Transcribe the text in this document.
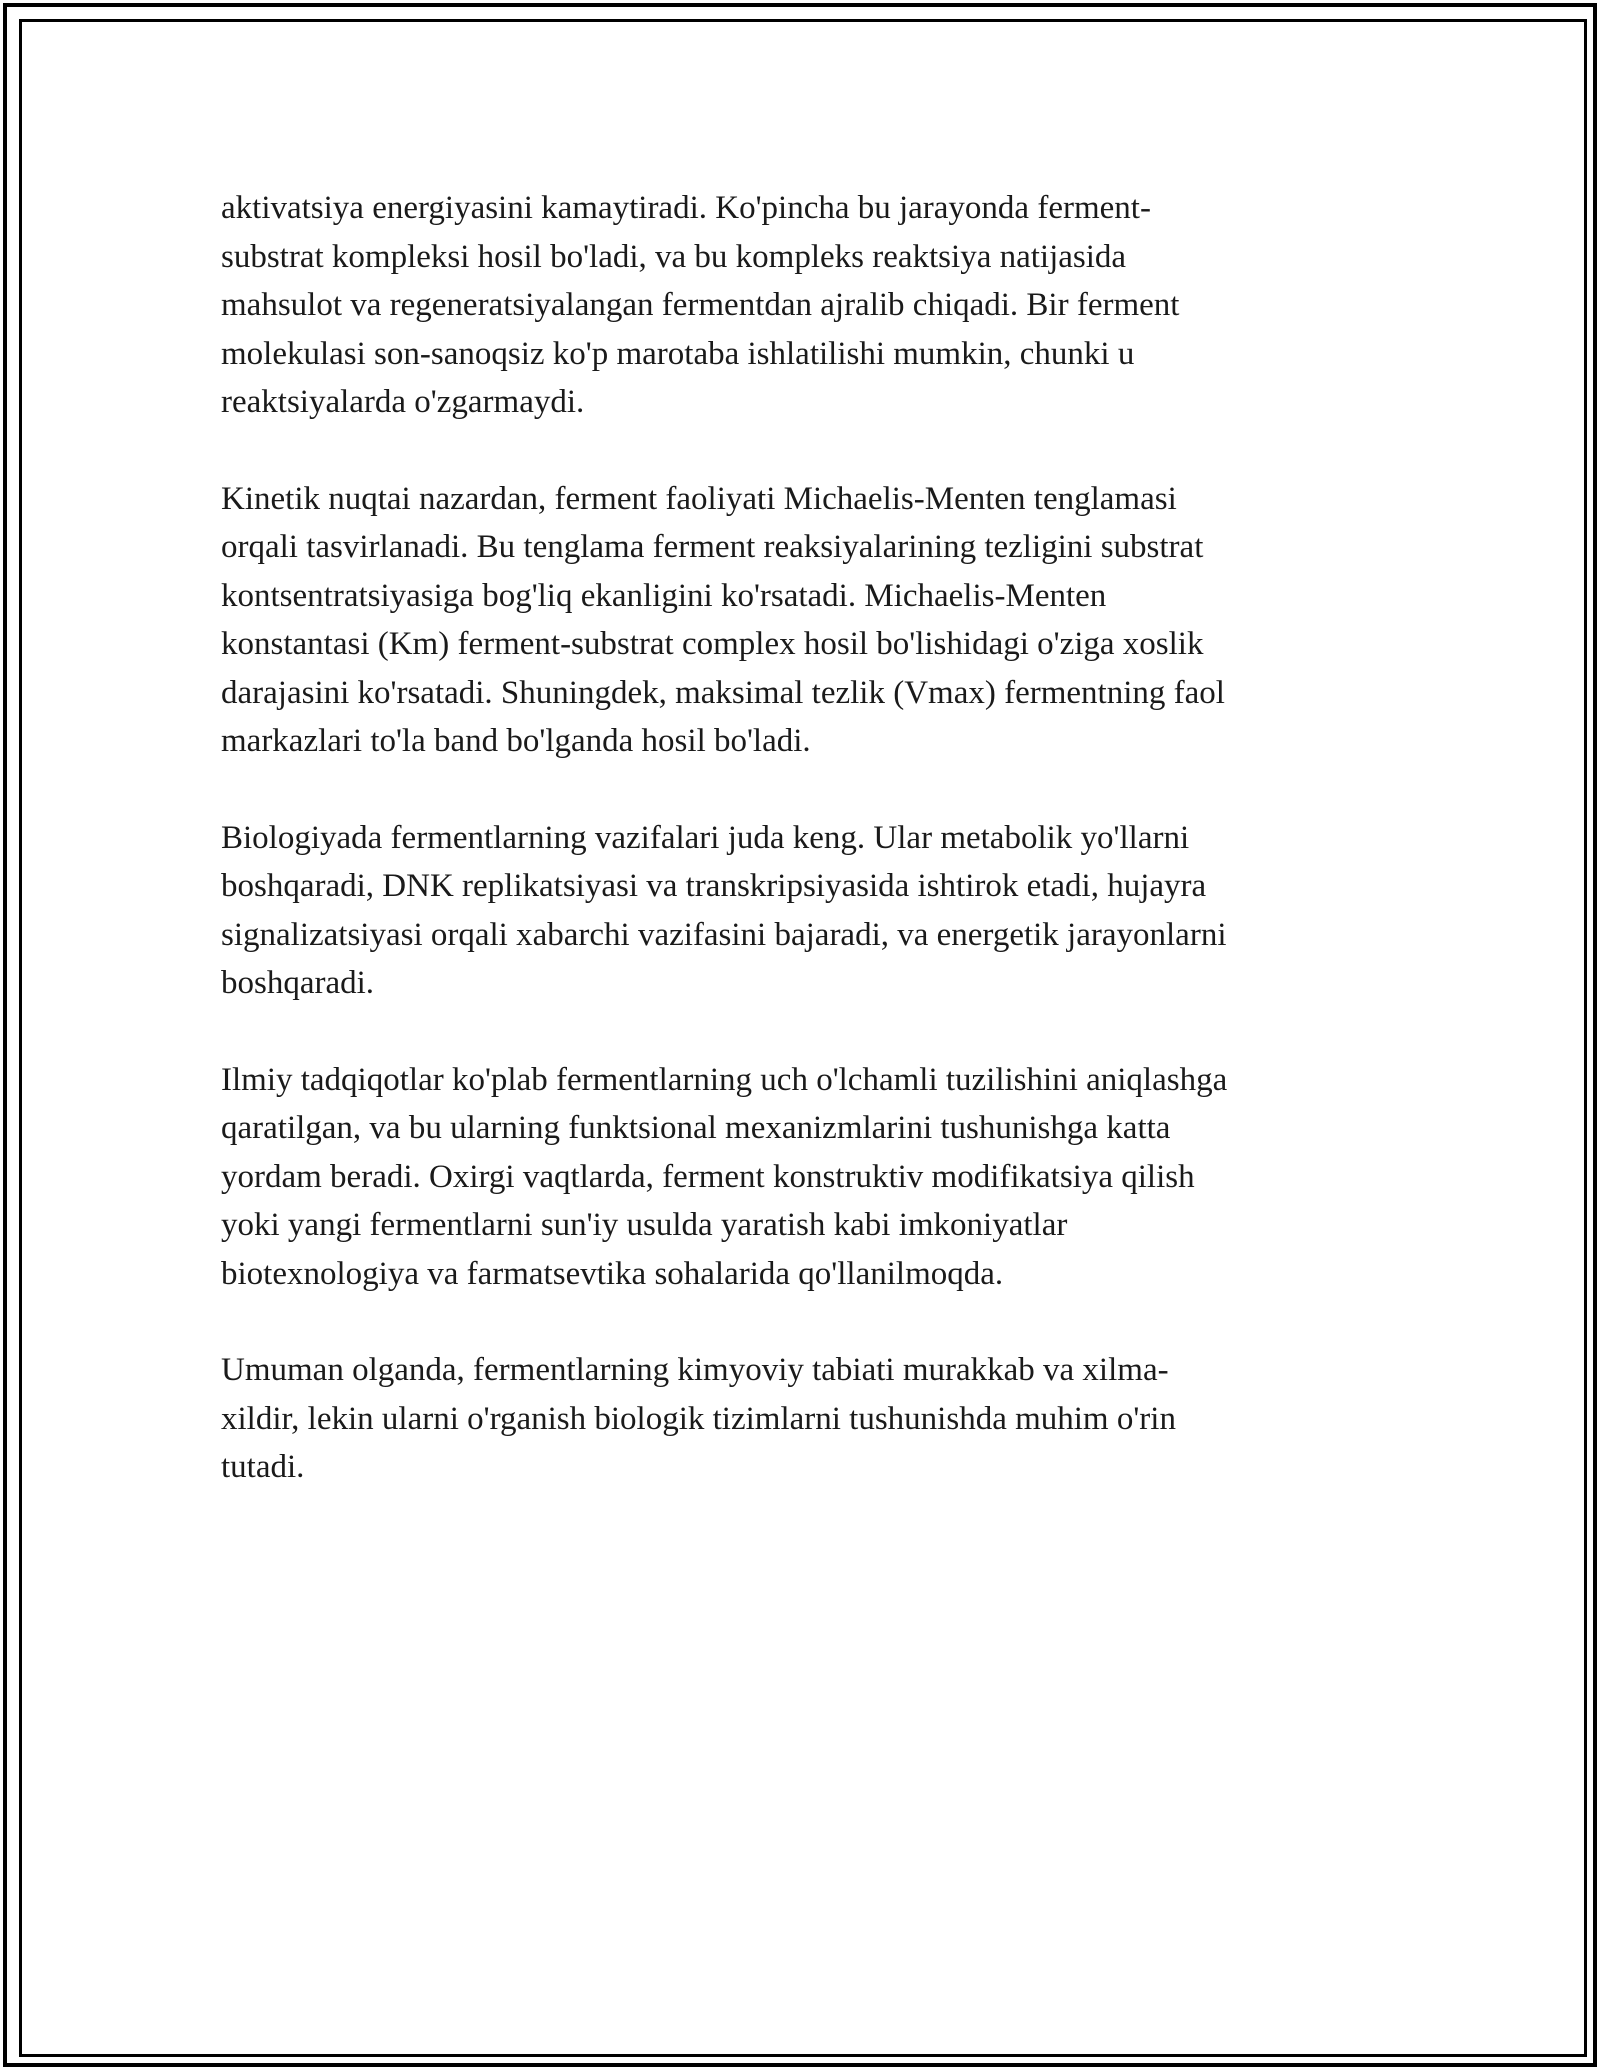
aktivatsiya energiyasini kamaytiradi. Ko'pincha bu jarayonda ferment-
substrat kompleksi hosil bo'ladi, va bu kompleks reaktsiya natijasida
mahsulot va regeneratsiyalangan fermentdan ajralib chiqadi. Bir ferment
molekulasi son-sanoqsiz ko'p marotaba ishlatilishi mumkin, chunki u
reaktsiyalarda o'zgarmaydi.

Kinetik nuqtai nazardan, ferment faoliyati Michaelis-Menten tenglamasi
orqali tasvirlanadi. Bu tenglama ferment reaksiyalarining tezligini substrat
kontsentratsiyasiga bog'liq ekanligini ko'rsatadi. Michaelis-Menten
konstantasi (Km) ferment-substrat complex hosil bo'lishidagi o'ziga xoslik
darajasini ko'rsatadi. Shuningdek, maksimal tezlik (Vmax) fermentning faol
markazlari to'la band bo'lganda hosil bo'ladi.

Biologiyada fermentlarning vazifalari juda keng. Ular metabolik yo'llarni
boshqaradi, DNK replikatsiyasi va transkripsiyasida ishtirok etadi, hujayra
signalizatsiyasi orqali xabarchi vazifasini bajaradi, va energetik jarayonlarni
boshqaradi.

Ilmiy tadqiqotlar ko'plab fermentlarning uch o'lchamli tuzilishini aniqlashga
qaratilgan, va bu ularning funktsional mexanizmlarini tushunishga katta
yordam beradi. Oxirgi vaqtlarda, ferment konstruktiv modifikatsiya qilish
yoki yangi fermentlarni sun'iy usulda yaratish kabi imkoniyatlar
biotexnologiya va farmatsevtika sohalarida qo'llanilmoqda.

Umuman olganda, fermentlarning kimyoviy tabiati murakkab va xilma-
xildir, lekin ularni o'rganish biologik tizimlarni tushunishda muhim o'rin
tutadi.
